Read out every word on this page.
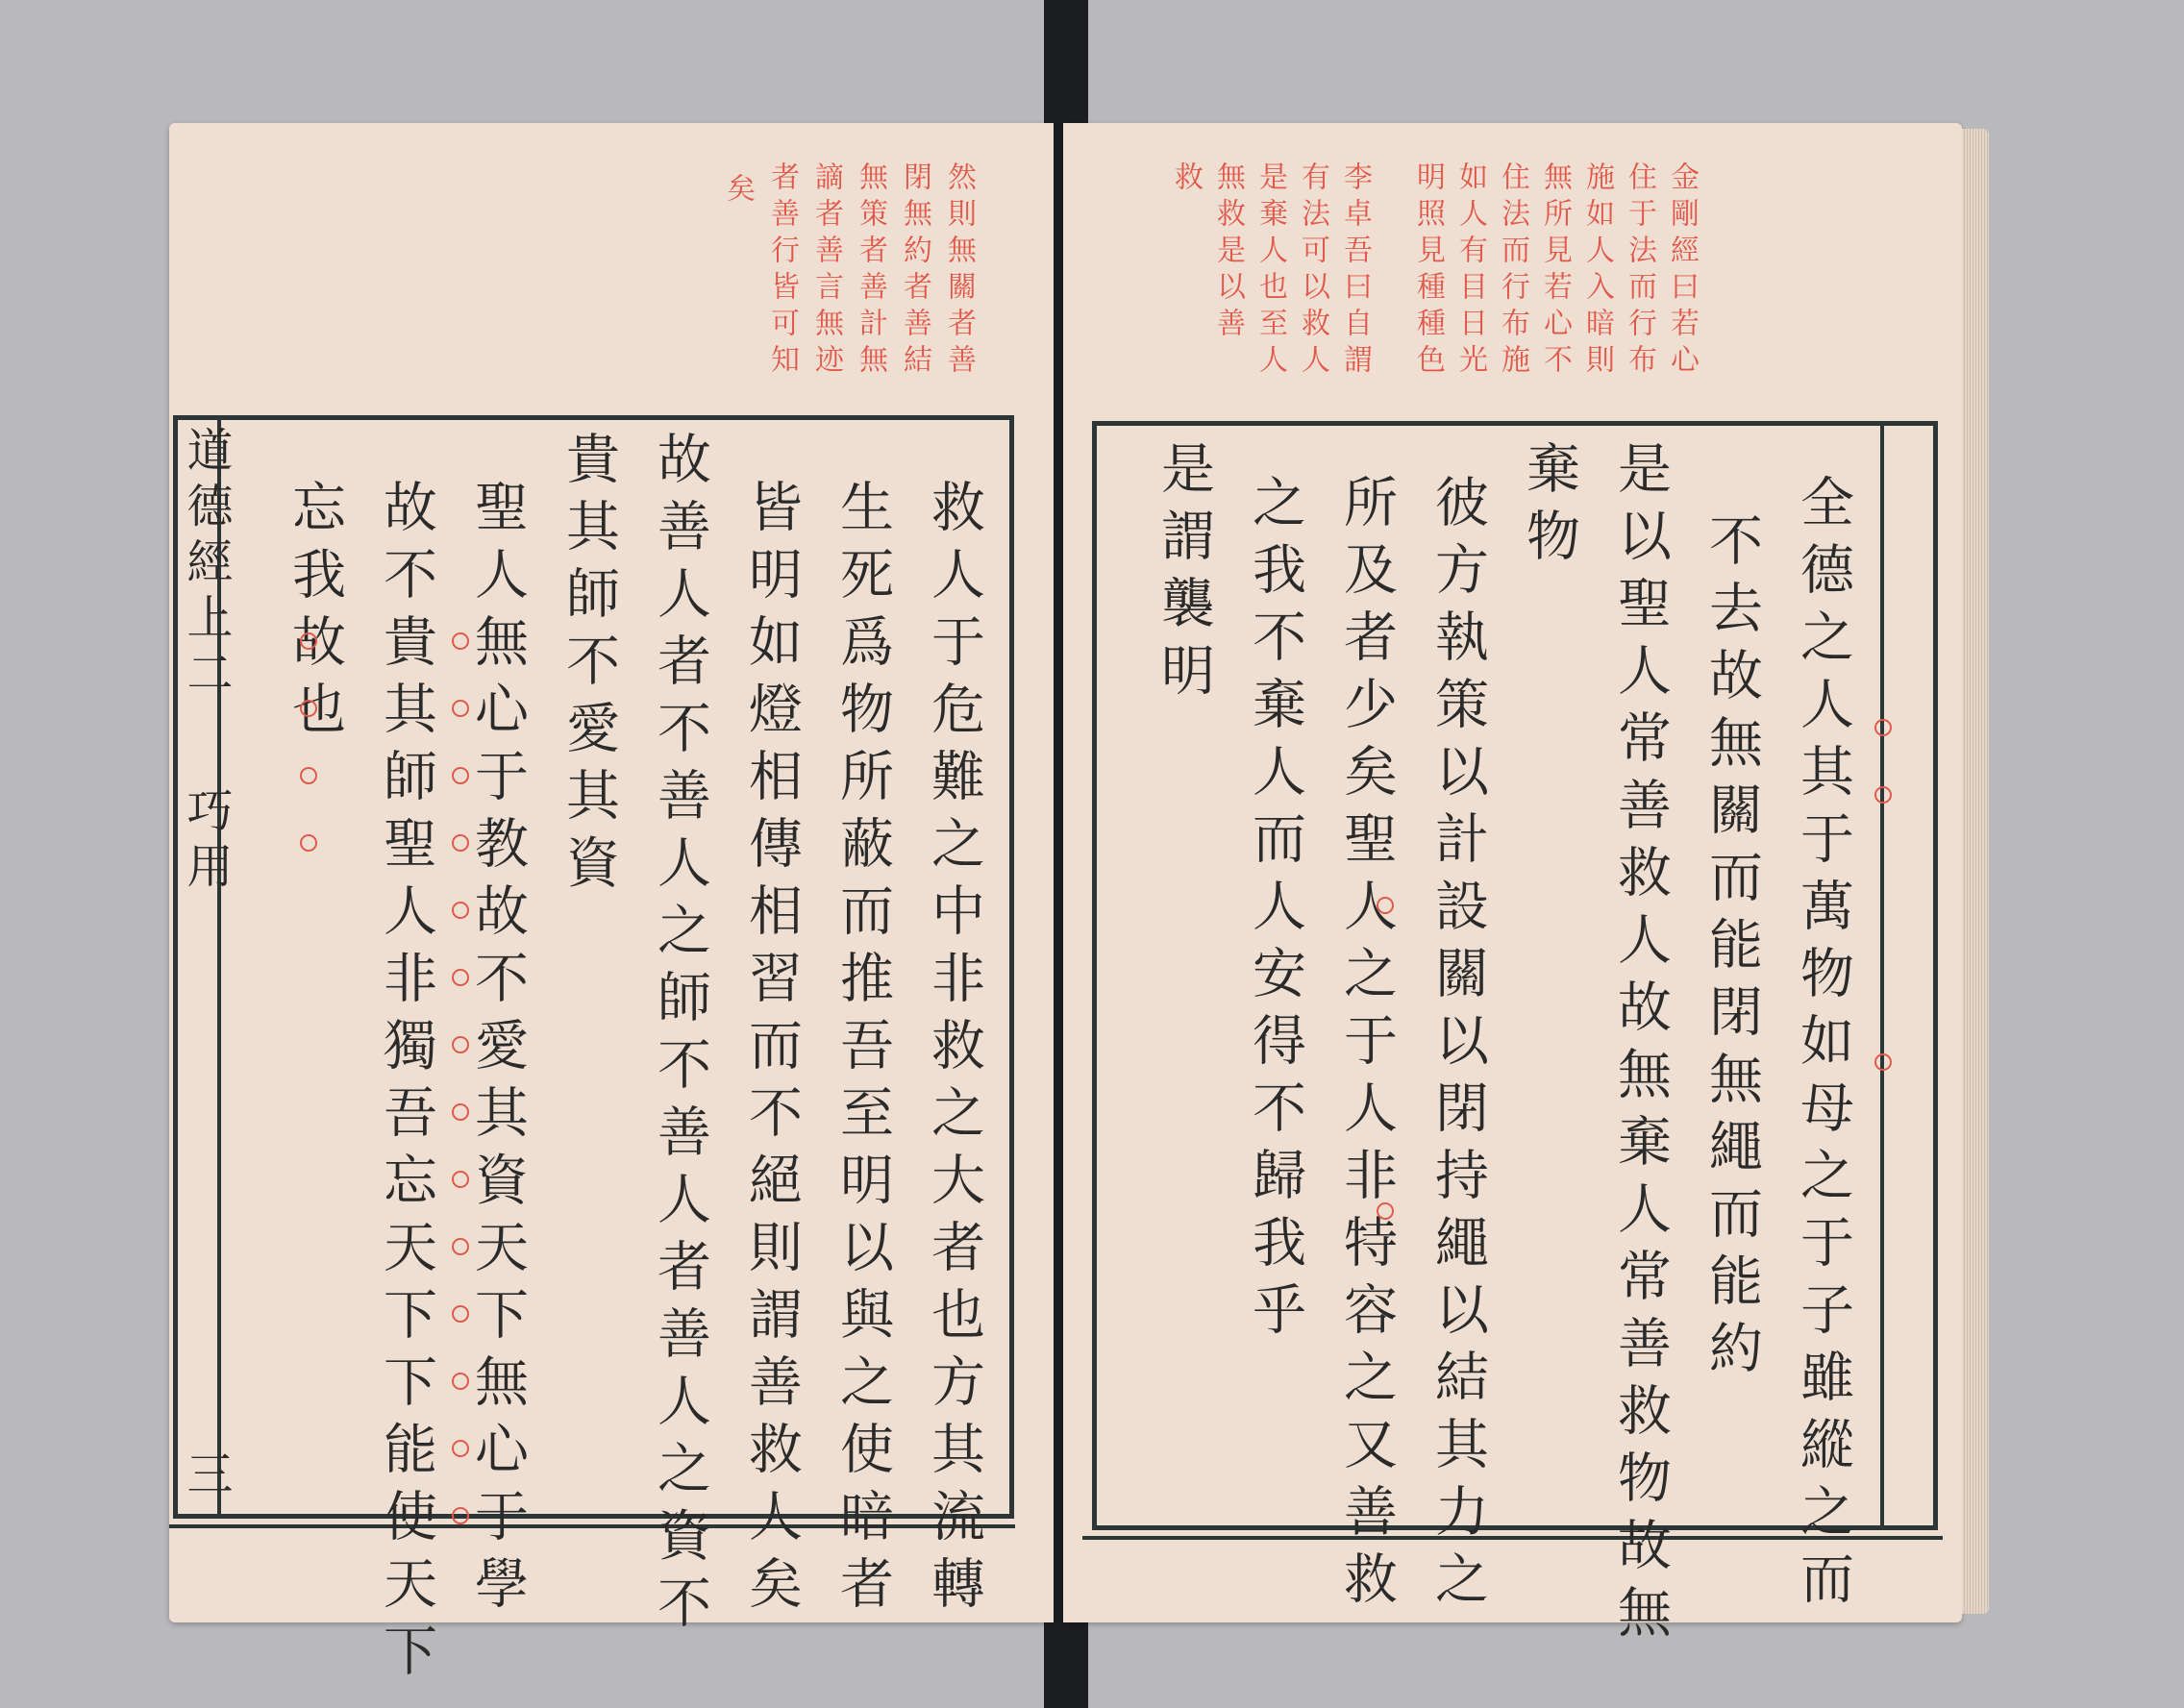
然則無關者善
閉無約者善結
無策者善計無
謫者善言無迹
者善行皆可知
矣
道德經上二
巧用
三	救人于危難之中非救之大者也方其流轉
生死爲物所蔽而推吾至明以與之使暗者
皆明如燈相傳相習而不絕則謂善救人矣
故善人者不善人之師不善人者善人之資不
貴其師不愛其資
聖人無心于教故不愛其資天下無心于學
故不貴其師聖人非獨吾忘天下下能使天下
忘我故也
金剛經曰若心
住于法而行布
施如人入暗則
無所見若心不
住法而行布施
如人有目日光
明照見種種色
李卓吾曰自謂
有法可以救人
是棄人也至人
無救是以善
救
全德之人其于萬物如母之于子雖縱之而
不去故無關而能閉無繩而能約
是以聖人常善救人故無棄人常善救物故無
棄物
彼方執策以計設關以閉持繩以結其力之
所及者少矣聖人之于人非特容之又善救
之我不棄人而人安得不歸我乎
是謂襲明
